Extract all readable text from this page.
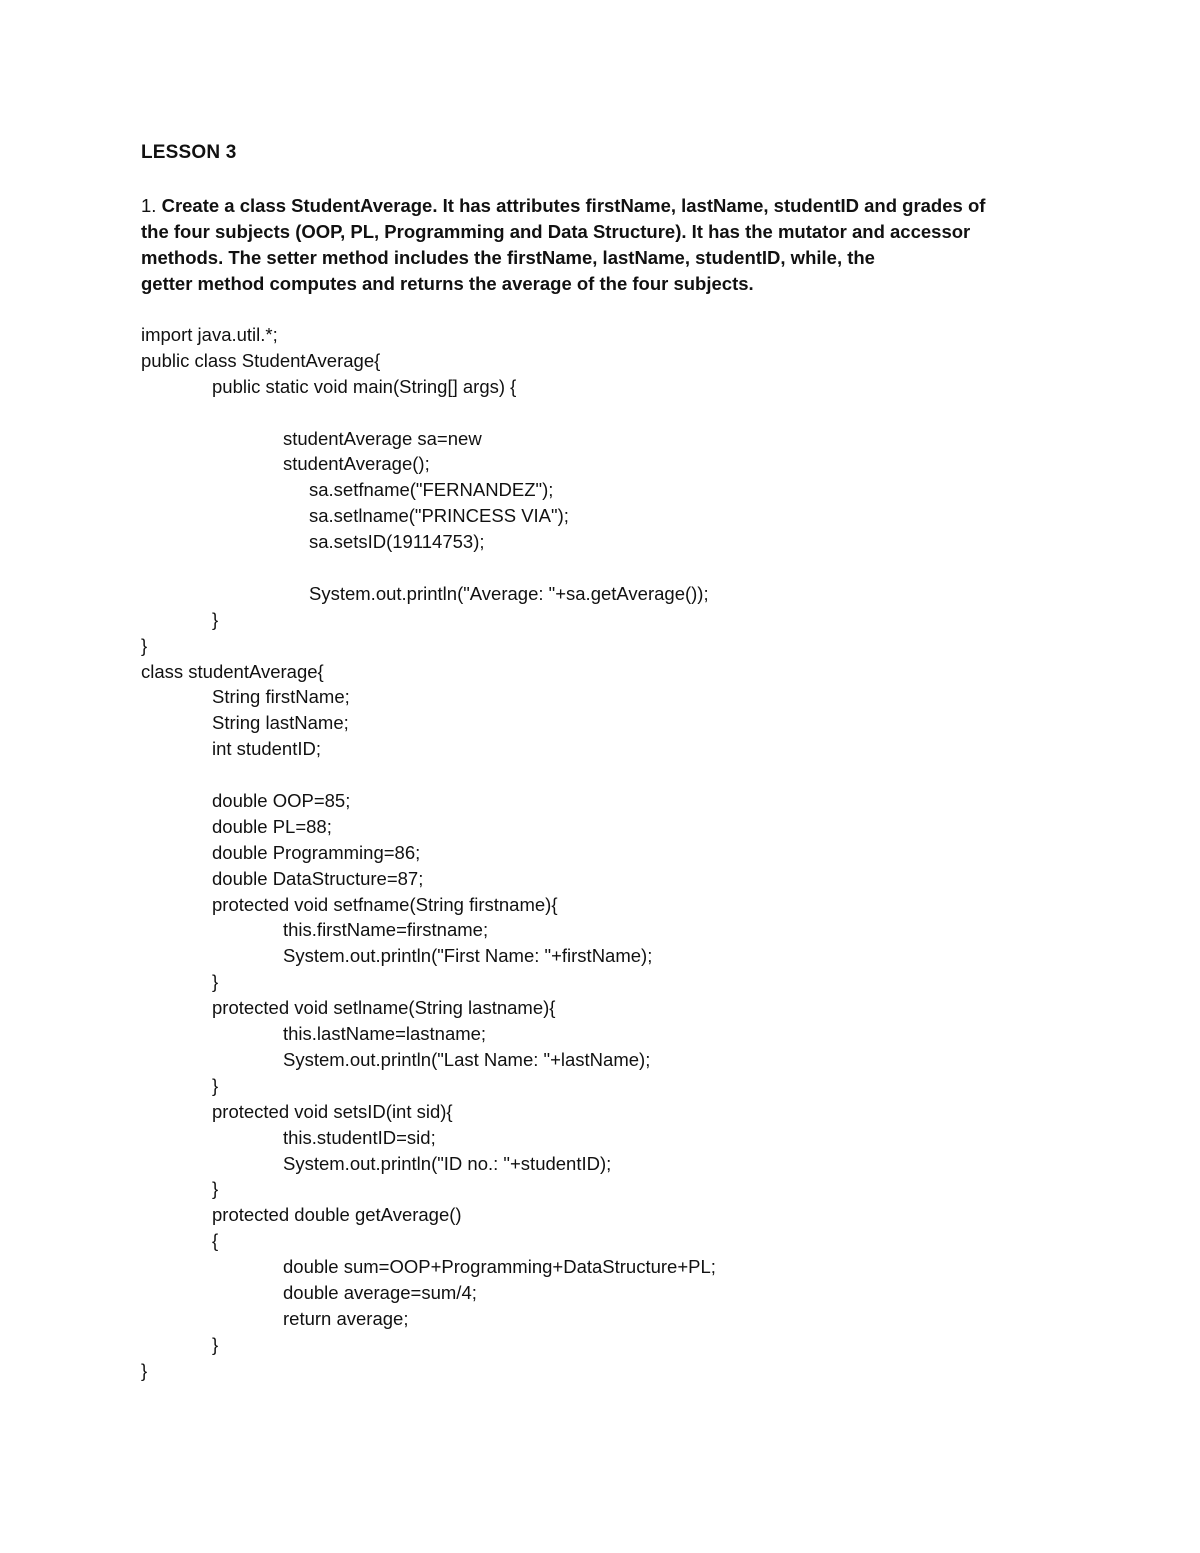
LESSON 3
1. Create a class StudentAverage. It has attributes firstName, lastName, studentID and grades of
the four subjects (OOP, PL, Programming and Data Structure). It has the mutator and accessor
methods. The setter method includes the firstName, lastName, studentID, while, the
getter method computes and returns the average of the four subjects.
import java.util.*;
public class StudentAverage{
public static void main(String[] args) {
studentAverage sa=new
studentAverage();
sa.setfname("FERNANDEZ");
sa.setlname("PRINCESS VIA");
sa.setsID(19114753);
System.out.println("Average: "+sa.getAverage());
}
}
class studentAverage{
String firstName;
String lastName;
int studentID;
double OOP=85;
double PL=88;
double Programming=86;
double DataStructure=87;
protected void setfname(String firstname){
this.firstName=firstname;
System.out.println("First Name: "+firstName);
}
protected void setlname(String lastname){
this.lastName=lastname;
System.out.println("Last Name: "+lastName);
}
protected void setsID(int sid){
this.studentID=sid;
System.out.println("ID no.: "+studentID);
}
protected double getAverage()
{
double sum=OOP+Programming+DataStructure+PL;
double average=sum/4;
return average;
}
}
